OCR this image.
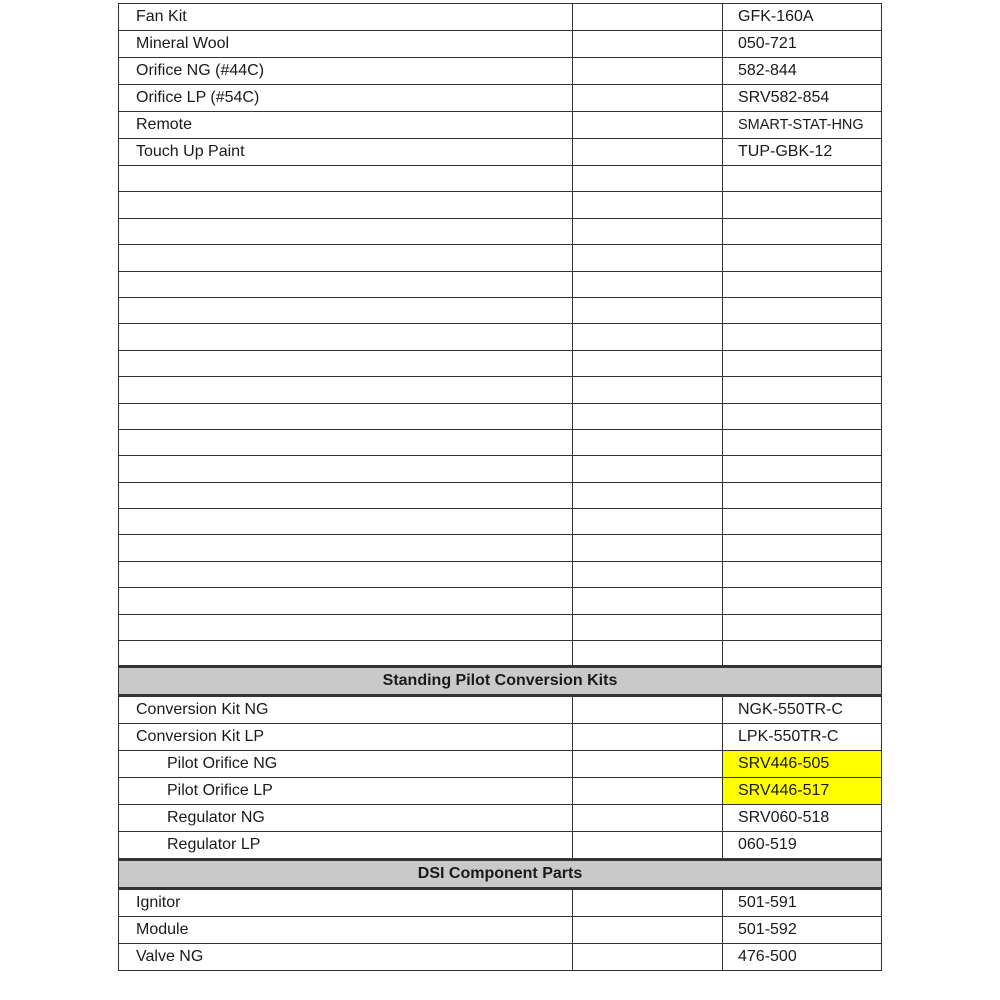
Fan Kit		GFK-160A
Mineral Wool		050-721
Orifice NG (#44C)		582-844
Orifice LP (#54C)		SRV582-854
Remote		SMART-STAT-HNG
Touch Up Paint		TUP-GBK-12

Standing Pilot Conversion Kits		
Conversion Kit NG		NGK-550TR-C
Conversion Kit LP		LPK-550TR-C
Pilot Orifice NG		SRV446-505
Pilot Orifice LP		SRV446-517
Regulator NG		SRV060-518
Regulator LP		060-519
DSI Component Parts		
Ignitor		501-591
Module		501-592
Valve NG		476-500
